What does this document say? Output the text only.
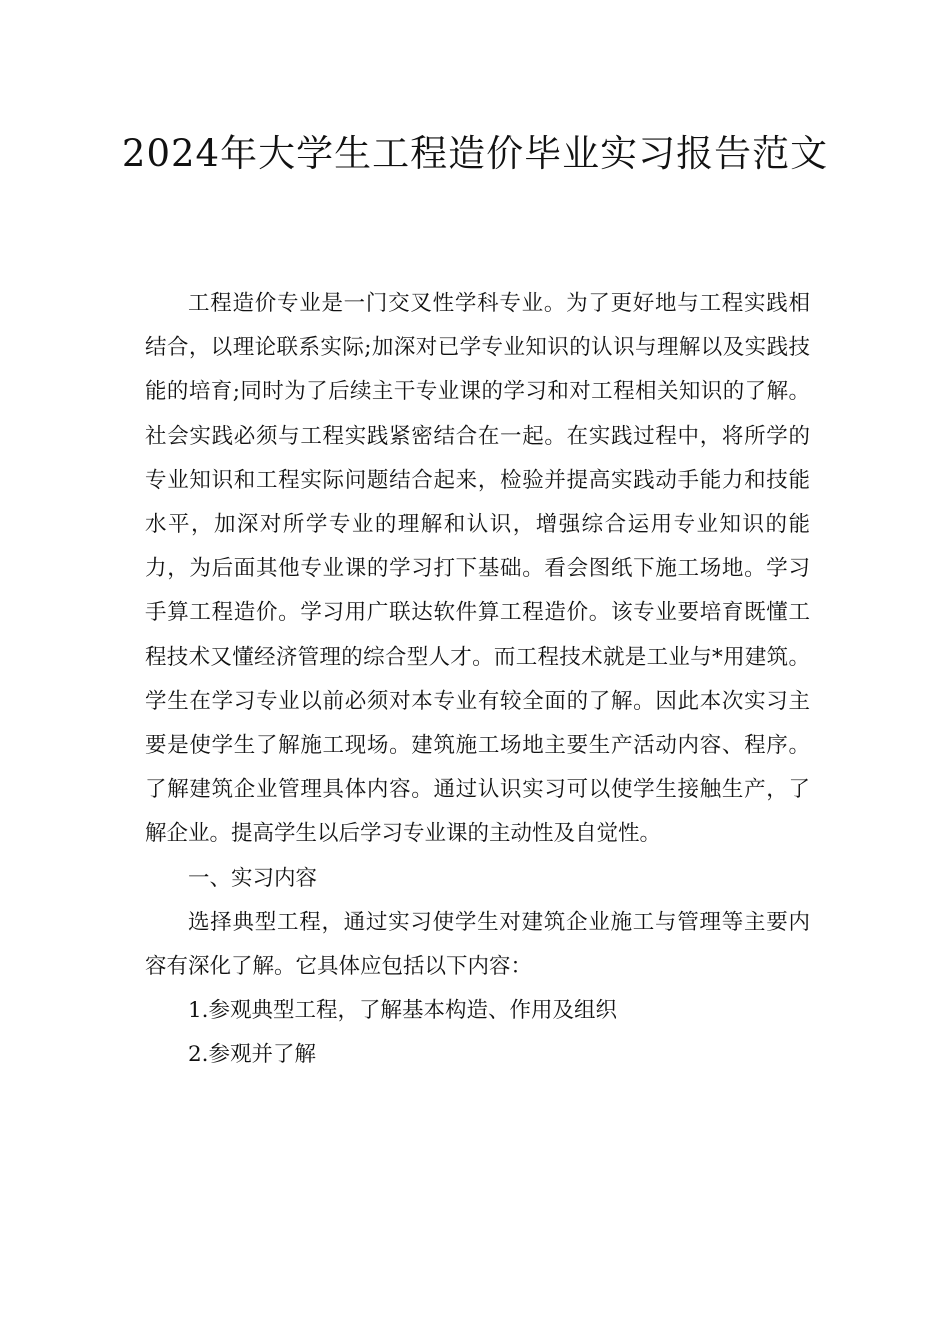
2024年大学生工程造价毕业实习报告范文

工程造价专业是一门交叉性学科专业。为了更好地与工程实践相结合，以理论联系实际;加深对已学专业知识的认识与理解以及实践技能的培育;同时为了后续主干专业课的学习和对工程相关知识的了解。社会实践必须与工程实践紧密结合在一起。在实践过程中，将所学的专业知识和工程实际问题结合起来，检验并提高实践动手能力和技能水平，加深对所学专业的理解和认识，增强综合运用专业知识的能力，为后面其他专业课的学习打下基础。看会图纸下施工场地。学习手算工程造价。学习用广联达软件算工程造价。该专业要培育既懂工程技术又懂经济管理的综合型人才。而工程技术就是工业与*用建筑。学生在学习专业以前必须对本专业有较全面的了解。因此本次实习主要是使学生了解施工现场。建筑施工场地主要生产活动内容、程序。了解建筑企业管理具体内容。通过认识实习可以使学生接触生产，了解企业。提高学生以后学习专业课的主动性及自觉性。

一、实习内容

选择典型工程，通过实习使学生对建筑企业施工与管理等主要内容有深化了解。它具体应包括以下内容：

1.参观典型工程，了解基本构造、作用及组织

2.参观并了解
